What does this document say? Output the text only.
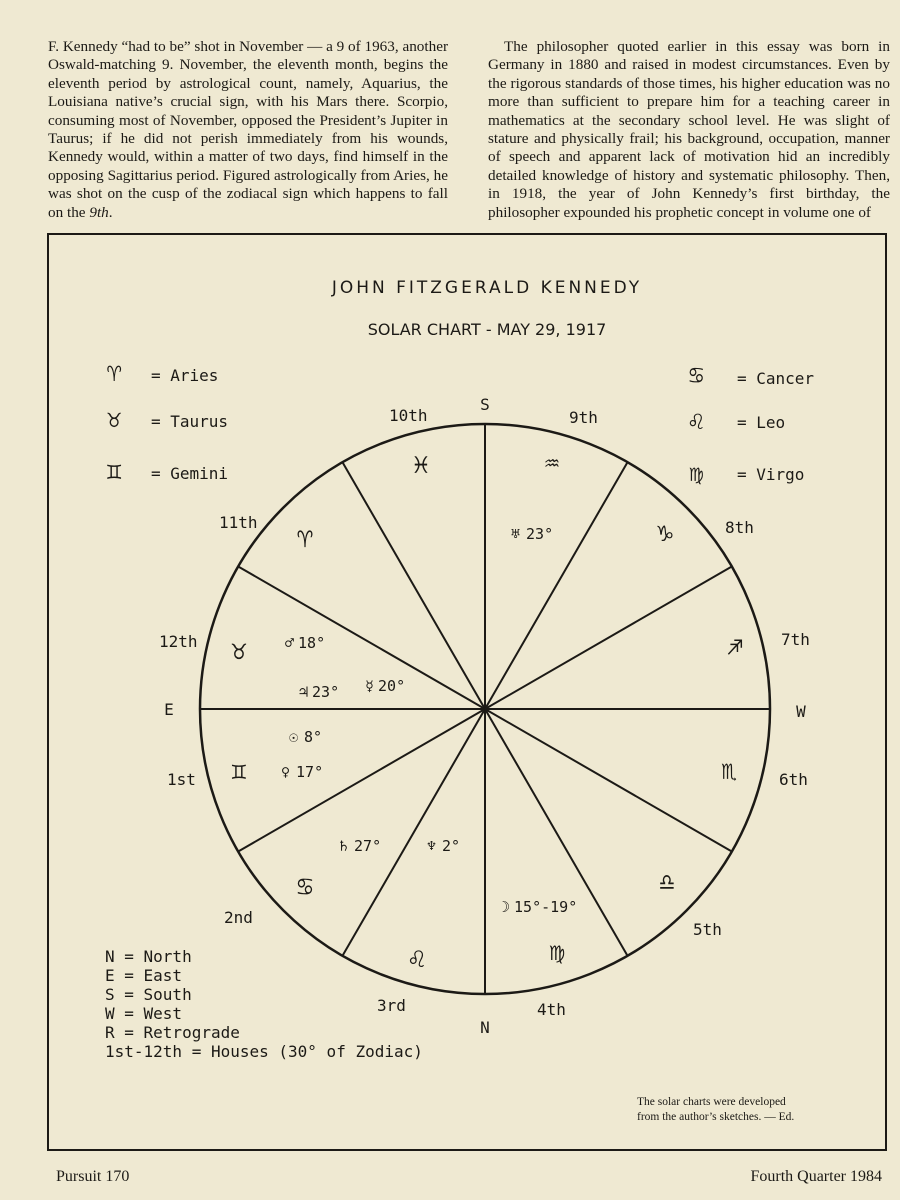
F. Kennedy “had to be” shot in November — a 9 of 1963, another Oswald-matching 9. November, the eleventh month, begins the eleventh period by astrological count, namely, Aquarius, the Louisiana native’s crucial sign, with his Mars there. Scorpio, consuming most of November, opposed the President’s Jupiter in Taurus; if he did not perish immediately from his wounds, Kennedy would, within a matter of two days, find himself in the opposing Sagittarius period. Figured astrologically from Aries, he was shot on the cusp of the zodiacal sign which happens to fall on the 9th.

The philosopher quoted earlier in this essay was born in Germany in 1880 and raised in modest circumstances. Even by the rigorous standards of those times, his higher education was no more than sufficient to prepare him for a teaching career in mathematics at the secondary school level. He was slight of stature and physically frail; his background, occupation, manner of speech and apparent lack of motivation hid an incredibly detailed knowledge of history and systematic philosophy. Then, in 1918, the year of John Kennedy’s first birthday, the philosopher expounded his prophetic concept in volume one of

JOHN FITZGERALD KENNEDY
SOLAR CHART - MAY 29, 1917
♈ = Aries
♉ = Taurus
♊ = Gemini
♋ = Cancer
♌ = Leo
♍ = Virgo
S
N
E	W
1st
2nd
3rd	4th
5th
6th
7th
8th
9th
10th
11th
12th
♊
♋
♌	♍
♎
♏
♐
♑
♒
♓
♈
♉
♅ 23°
♂ 18°
♃ 23° ☿ 20°
☉ 8°
♀ 17°
♄ 27°	♆ 2°
☽ 15°-19°
N = North
E = East
S = South
W = West
R = Retrograde
1st-12th = Houses (30° of Zodiac)
The solar charts were developed
from the author’s sketches. — Ed.
Pursuit 170	Fourth Quarter 1984
